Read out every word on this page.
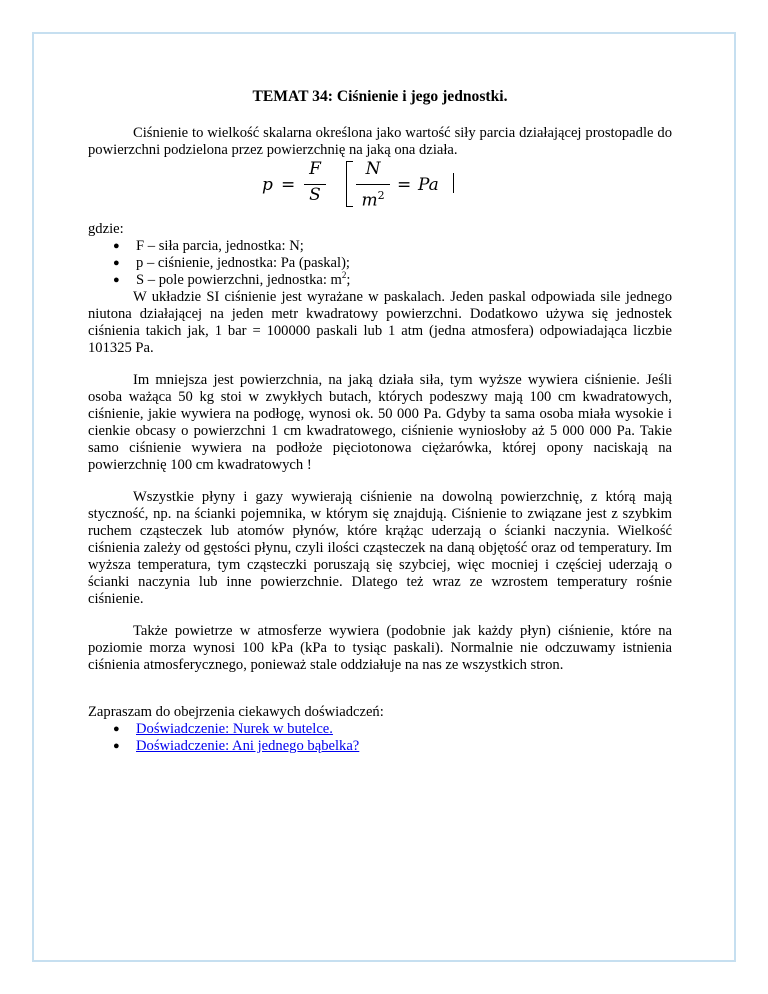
TEMAT 34: Ciśnienie i jego jednostki.

Ciśnienie to wielkość skalarna określona jako wartość siły parcia działającej prostopadle do powierzchni podzielona przez powierzchnię na jaką ona działa.

p =
F
S
N
$m^2$
= Pa

gdzie:

● F – siła parcia, jednostka: N;
● p – ciśnienie, jednostka: Pa (paskal);
● S – pole powierzchni, jednostka: $m^2$;

W układzie SI ciśnienie jest wyrażane w paskalach. Jeden paskal odpowiada sile jednego niutona działającej na jeden metr kwadratowy powierzchni. Dodatkowo używa się jednostek ciśnienia takich jak, 1 bar = 100000 paskali lub 1 atm (jedna atmosfera) odpowiadająca liczbie 101325 Pa.

Im mniejsza jest powierzchnia, na jaką działa siła, tym wyższe wywiera ciśnienie. Jeśli osoba ważąca 50 kg stoi w zwykłych butach, których podeszwy mają 100 cm kwadratowych, ciśnienie, jakie wywiera na podłogę, wynosi ok. 50 000 Pa. Gdyby ta sama osoba miała wysokie i cienkie obcasy o powierzchni 1 cm kwadratowego, ciśnienie wyniosłoby aż 5 000 000 Pa. Takie samo ciśnienie wywiera na podłoże pięciotonowa ciężarówka, której opony naciskają na powierzchnię 100 cm kwadratowych !

Wszystkie płyny i gazy wywierają ciśnienie na dowolną powierzchnię, z którą mają styczność, np. na ścianki pojemnika, w którym się znajdują. Ciśnienie to związane jest z szybkim ruchem cząsteczek lub atomów płynów, które krążąc uderzają o ścianki naczynia. Wielkość ciśnienia zależy od gęstości płynu, czyli ilości cząsteczek na daną objętość oraz od temperatury. Im wyższa temperatura, tym cząsteczki poruszają się szybciej, więc mocniej i częściej uderzają o ścianki naczynia lub inne powierzchnie. Dlatego też wraz ze wzrostem temperatury rośnie ciśnienie.

Także powietrze w atmosferze wywiera (podobnie jak każdy płyn) ciśnienie, które na poziomie morza wynosi 100 kPa (kPa to tysiąc paskali). Normalnie nie odczuwamy istnienia ciśnienia atmosferycznego, ponieważ stale oddziałuje na nas ze wszystkich stron.

Zapraszam do obejrzenia ciekawych doświadczeń:

● Doświadczenie: Nurek w butelce.
● Doświadczenie: Ani jednego bąbelka?
